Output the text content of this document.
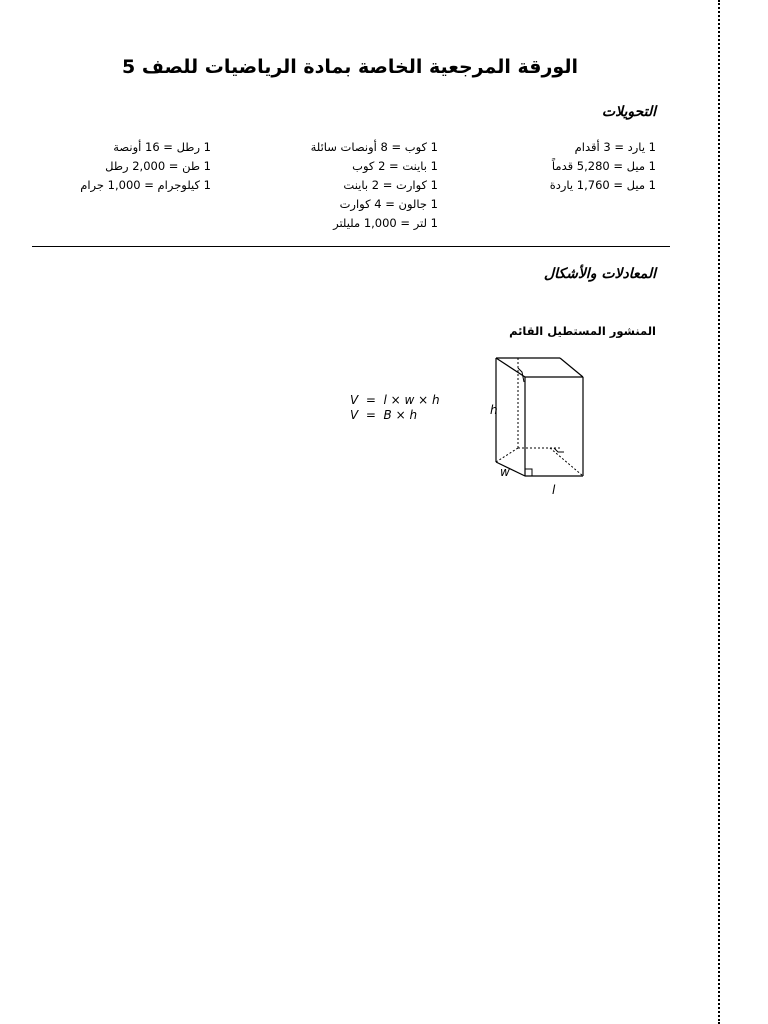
الورقة المرجعية الخاصة بمادة الرياضيات للصف 5
التحويلات
1 يارد = 3 أقدام
1 ميل = 5,280 قدماً
1 ميل = 1,760 ياردة
1 كوب = 8 أونصات سائلة
1 باينت = 2 كوب
1 كوارت = 2 باينت
1 جالون = 4 كوارت
1 لتر = 1,000 مليلتر
1 رطل = 16 أونصة
1 طن = 2,000 رطل
1 كيلوجرام = 1,000 جرام
المعادلات والأشكال
المنشور المستطيل القائم
V  =  l × w × h
V  =  B × h	h
w
l
